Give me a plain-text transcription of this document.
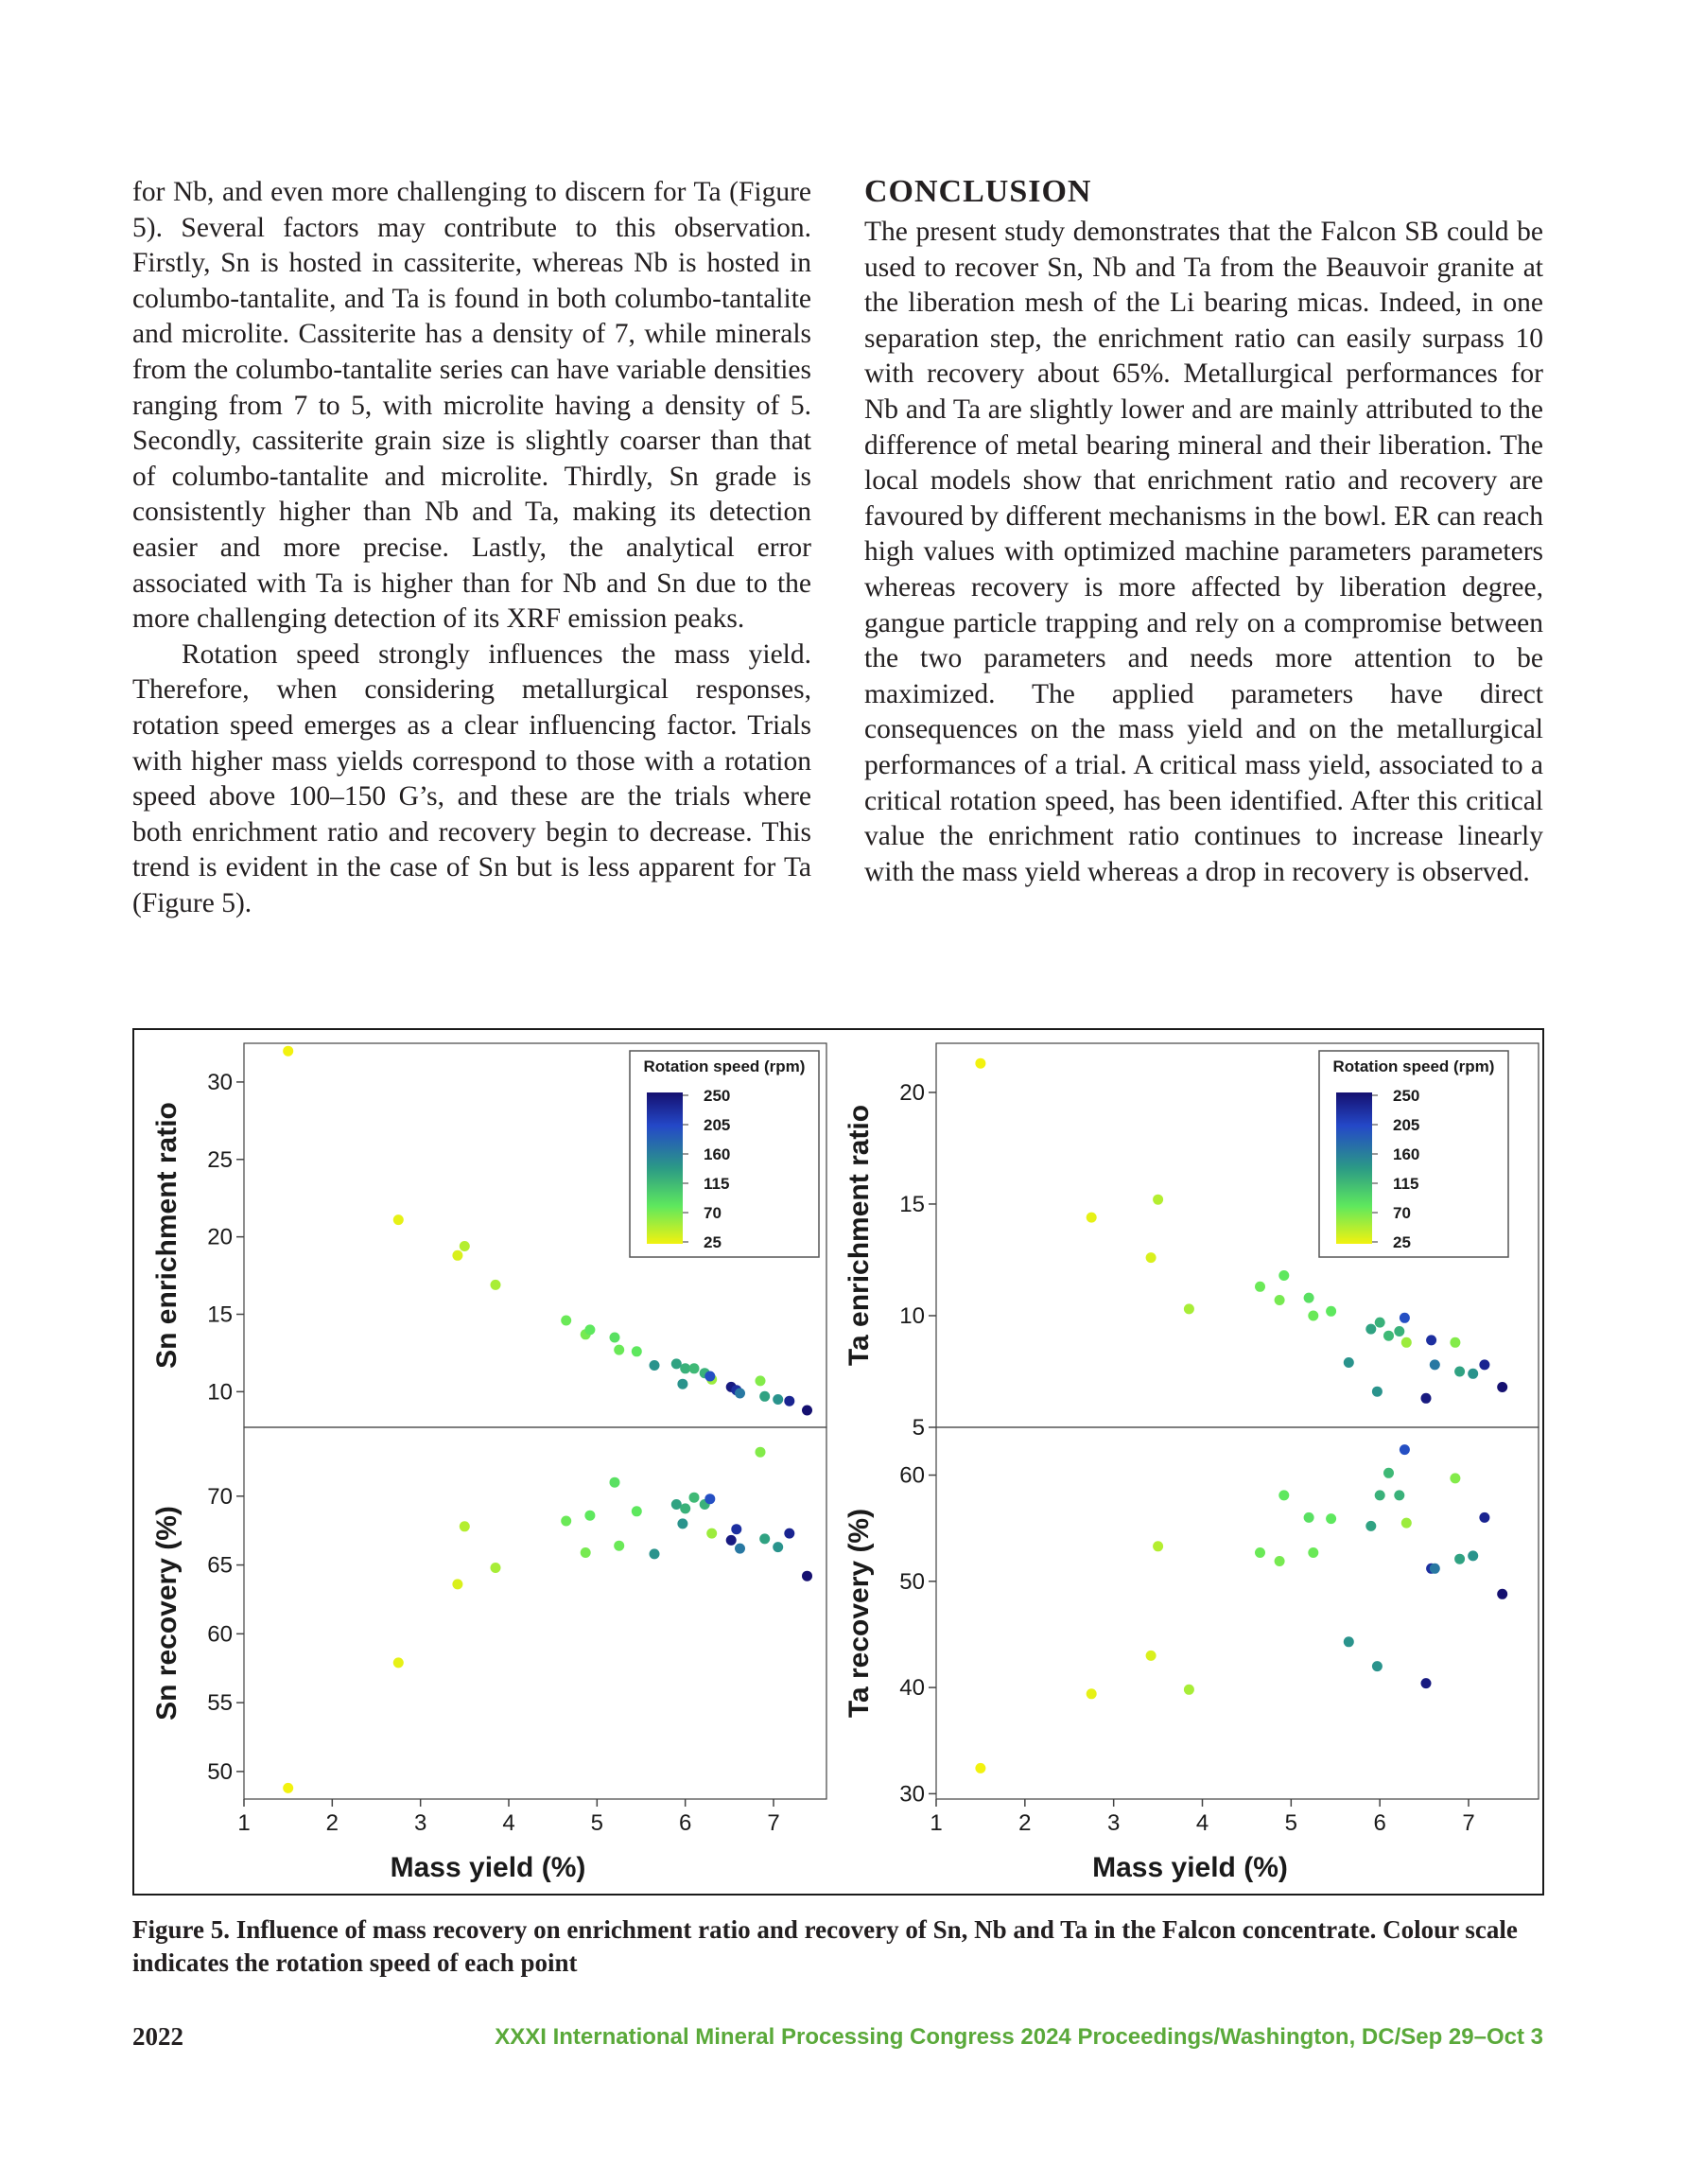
for Nb, and even more challenging to discern for Ta (Figure 5). Several factors may contribute to this observation. Firstly, Sn is hosted in cassiterite, whereas Nb is hosted in columbo-tantalite, and Ta is found in both columbo-tantalite and microlite. Cassiterite has a density of 7, while minerals from the columbo-tantalite series can have variable densities ranging from 7 to 5, with microlite having a density of 5. Secondly, cassiterite grain size is slightly coarser than that of columbo-tantalite and microlite. Thirdly, Sn grade is consistently higher than Nb and Ta, making its detection easier and more precise. Lastly, the analytical error associated with Ta is higher than for Nb and Sn due to the more challenging detection of its XRF emission peaks.

Rotation speed strongly influences the mass yield. Therefore, when considering metallurgical responses, rotation speed emerges as a clear influencing factor. Trials with higher mass yields correspond to those with a rotation speed above 100–150 G’s, and these are the trials where both enrichment ratio and recovery begin to decrease. This trend is evident in the case of Sn but is less apparent for Ta (Figure 5).

CONCLUSION

The present study demonstrates that the Falcon SB could be used to recover Sn, Nb and Ta from the Beauvoir granite at the liberation mesh of the Li bearing micas. Indeed, in one separation step, the enrichment ratio can easily surpass 10 with recovery about 65%. Metallurgical performances for Nb and Ta are slightly lower and are mainly attributed to the difference of metal bearing mineral and their liberation. The local models show that enrichment ratio and recovery are favoured by different mechanisms in the bowl. ER can reach high values with optimized machine parameters parameters whereas recovery is more affected by liberation degree, gangue particle trapping and rely on a compromise between the two parameters and needs more attention to be maximized. The applied parameters have direct consequences on the mass yield and on the metallurgical performances of a trial. A critical mass yield, associated to a critical rotation speed, has been identified. After this critical value the enrichment ratio continues to increase linearly with the mass yield whereas a drop in recovery is observed.

10
15
20
25
30
Sn enrichment ratio
50
55
60
65
70
Sn recovery (%)
1	2	3	4	5	6	7
Mass yield (%)
5
10
15
20
Ta enrichment ratio
30
40
50
60
Ta recovery (%)
1	2	3	4	5	6	7
Mass yield (%)
Rotation speed (rpm)
250
205
160
115
70
25
Rotation speed (rpm)
250
205
160
115
70
25

Figure 5. Influence of mass recovery on enrichment ratio and recovery of Sn, Nb and Ta in the Falcon concentrate. Colour scale indicates the rotation speed of each point

2022	XXXI International Mineral Processing Congress 2024 Proceedings/Washington, DC/Sep 29–Oct 3
